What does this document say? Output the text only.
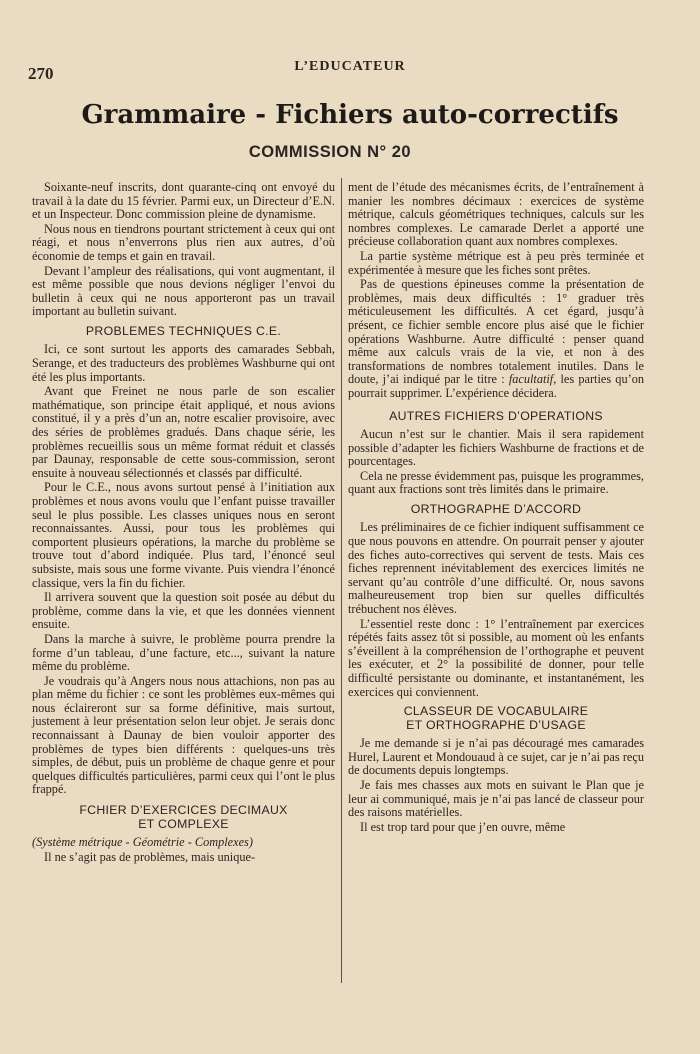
270	L’EDUCATEUR
Grammaire - Fichiers auto-correctifs
COMMISSION N° 20

Soixante-neuf inscrits, dont quarante-cinq ont envoyé du travail à la date du 15 février. Parmi eux, un Directeur d’E.N. et un Inspecteur. Donc commission pleine de dynamisme.

Nous nous en tiendrons pourtant strictement à ceux qui ont réagi, et nous n’enverrons plus rien aux autres, d’où économie de temps et gain en travail.

Devant l’ampleur des réalisations, qui vont augmentant, il est même possible que nous devions négliger l’envoi du bulletin à ceux qui ne nous apporteront pas un travail important au bulletin suivant.

PROBLEMES TECHNIQUES C.E.

Ici, ce sont surtout les apports des camarades Sebbah, Serange, et des traducteurs des problèmes Washburne qui ont été les plus importants.

Avant que Freinet ne nous parle de son escalier mathématique, son principe était appliqué, et nous avions constitué, il y a près d’un an, notre escalier provisoire, avec des séries de problèmes gradués. Dans chaque série, les problèmes recueillis sous un même format réduit et classés par Daunay, responsable de cette sous-commission, seront ensuite à nouveau sélectionnés et classés par difficulté.

Pour le C.E., nous avons surtout pensé à l’initiation aux problèmes et nous avons voulu que l’enfant puisse travailler seul le plus possible. Les classes uniques nous en seront reconnaissantes. Aussi, pour tous les problèmes qui comportent plusieurs opérations, la marche du problème se trouve tout d’abord indiquée. Plus tard, l’énoncé seul subsiste, mais sous une forme vivante. Puis viendra l’énoncé classique, vers la fin du fichier.

Il arrivera souvent que la question soit posée au début du problème, comme dans la vie, et que les données viennent ensuite.

Dans la marche à suivre, le problème pourra prendre la forme d’un tableau, d’une facture, etc..., suivant la nature même du problème.

Je voudrais qu’à Angers nous nous attachions, non pas au plan même du fichier : ce sont les problèmes eux-mêmes qui nous éclaireront sur sa forme définitive, mais surtout, justement à leur présentation selon leur objet. Je serais donc reconnaissant à Daunay de bien vouloir apporter des problèmes de types bien différents : quelques-uns très simples, de début, puis un problème de chaque genre et pour quelques difficultés particulières, parmi ceux qui l’ont le plus frappé.

FCHIER D’EXERCICES DECIMAUX
ET COMPLEXE

(Système métrique - Géométrie - Complexes)

Il ne s’agit pas de problèmes, mais unique-

ment de l’étude des mécanismes écrits, de l’entraînement à manier les nombres décimaux : exercices de système métrique, calculs géométriques techniques, calculs sur les nombres complexes. Le camarade Derlet a apporté une précieuse collaboration quant aux nombres complexes.

La partie système métrique est à peu près terminée et expérimentée à mesure que les fiches sont prêtes.

Pas de questions épineuses comme la présentation de problèmes, mais deux difficultés : 1° graduer très méticuleusement les difficultés. A cet égard, jusqu’à présent, ce fichier semble encore plus aisé que le fichier opérations Washburne. Autre difficulté : penser quand même aux calculs vrais de la vie, et non à des transformations de nombres totalement inutiles. Dans le doute, j’ai indiqué par le titre : facultatif, les parties qu’on pourrait supprimer. L’expérience décidera.

AUTRES FICHIERS D’OPERATIONS

Aucun n’est sur le chantier. Mais il sera rapidement possible d’adapter les fichiers Washburne de fractions et de pourcentages.

Cela ne presse évidemment pas, puisque les programmes, quant aux fractions sont très limités dans le primaire.

ORTHOGRAPHE D’ACCORD

Les préliminaires de ce fichier indiquent suffisamment ce que nous pouvons en attendre. On pourrait penser y ajouter des fiches auto-correctives qui servent de tests. Mais ces fiches reprennent inévitablement des exercices limités ne servant qu’au contrôle d’une difficulté. Or, nous savons malheureusement trop bien sur quelles difficultés trébuchent nos élèves.

L’essentiel reste donc : 1° l’entraînement par exercices répétés faits assez tôt si possible, au moment où les enfants s’éveillent à la compréhension de l’orthographe et peuvent les exécuter, et 2° la possibilité de donner, pour telle difficulté persistante ou dominante, et instantanément, les exercices qui conviennent.

CLASSEUR DE VOCABULAIRE
ET ORTHOGRAPHE D’USAGE

Je me demande si je n’ai pas découragé mes camarades Hurel, Laurent et Mondouaud à ce sujet, car je n’ai pas reçu de documents depuis longtemps.

Je fais mes chasses aux mots en suivant le Plan que je leur ai communiqué, mais je n’ai pas lancé de classeur pour des raisons matérielles.

Il est trop tard pour que j’en ouvre, même
